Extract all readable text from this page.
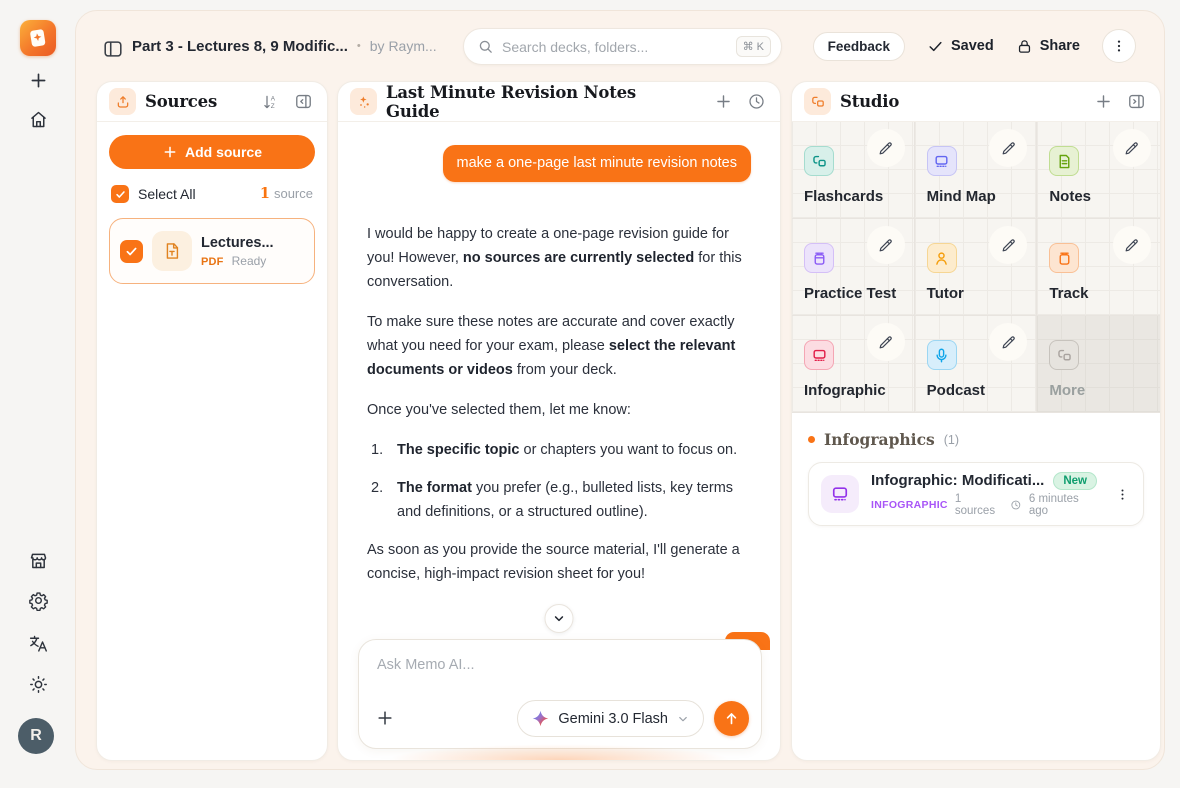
R
Part 3 - Lectures 8, 9 Modific... • by Raym...
Search decks, folders...	⌘ K	Feedback	Saved	Share
Sources	A
Z
Add source
Select All	1 source
Lectures...
PDF Ready
Last Minute Revision Notes Guide
make a one-page last minute revision notes

I would be happy to create a one-page revision guide for you! However, no sources are currently selected for this conversation.

To make sure these notes are accurate and cover exactly what you need for your exam, please select the relevant documents or videos from your deck.

Once you've selected them, let me know:

1. The specific topic or chapters you want to focus on.
2. The format you prefer (e.g., bulleted lists, key terms and definitions, or a structured outline).

As soon as you provide the source material, I'll generate a concise, high-impact revision sheet for you!

Ask Memo AI...
Gemini 3.0 Flash
Studio
Flashcards	Mind Map	Notes
Practice Test Tutor	Track
Infographic	Podcast	More
Infographics (1)
Infographic: Modificati...	New
INFOGRAPHIC 1 sources
6 minutes ago
